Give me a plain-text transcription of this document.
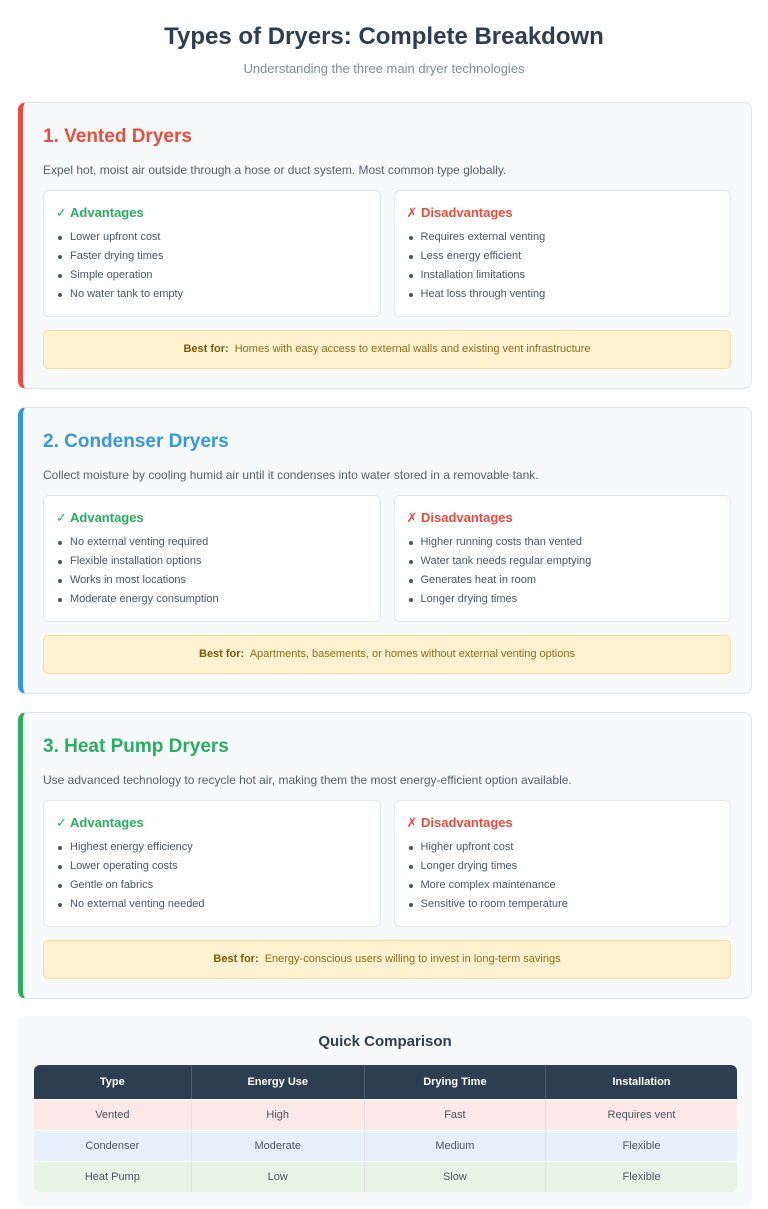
Types of Dryers: Complete Breakdown

Understanding the three main dryer technologies

1. Vented Dryers

Expel hot, moist air outside through a hose or duct system. Most common type globally.

✓ Advantages
Lower upfront cost
Faster drying times
Simple operation
No water tank to empty
✗ Disadvantages
Requires external venting
Less energy efficient
Installation limitations
Heat loss through venting
Best for: Homes with easy access to external walls and existing vent infrastructure
2. Condenser Dryers

Collect moisture by cooling humid air until it condenses into water stored in a removable tank.

✓ Advantages
No external venting required
Flexible installation options
Works in most locations
Moderate energy consumption
✗ Disadvantages
Higher running costs than vented
Water tank needs regular emptying
Generates heat in room
Longer drying times
Best for: Apartments, basements, or homes without external venting options
3. Heat Pump Dryers

Use advanced technology to recycle hot air, making them the most energy-efficient option available.

✓ Advantages
Highest energy efficiency
Lower operating costs
Gentle on fabrics
No external venting needed
✗ Disadvantages
Higher upfront cost
Longer drying times
More complex maintenance
Sensitive to room temperature
Best for: Energy-conscious users willing to invest in long-term savings
Quick Comparison
Type	Energy Use	Drying Time	Installation
Vented	High	Fast	Requires vent
Condenser	Moderate	Medium	Flexible
Heat Pump	Low	Slow	Flexible
